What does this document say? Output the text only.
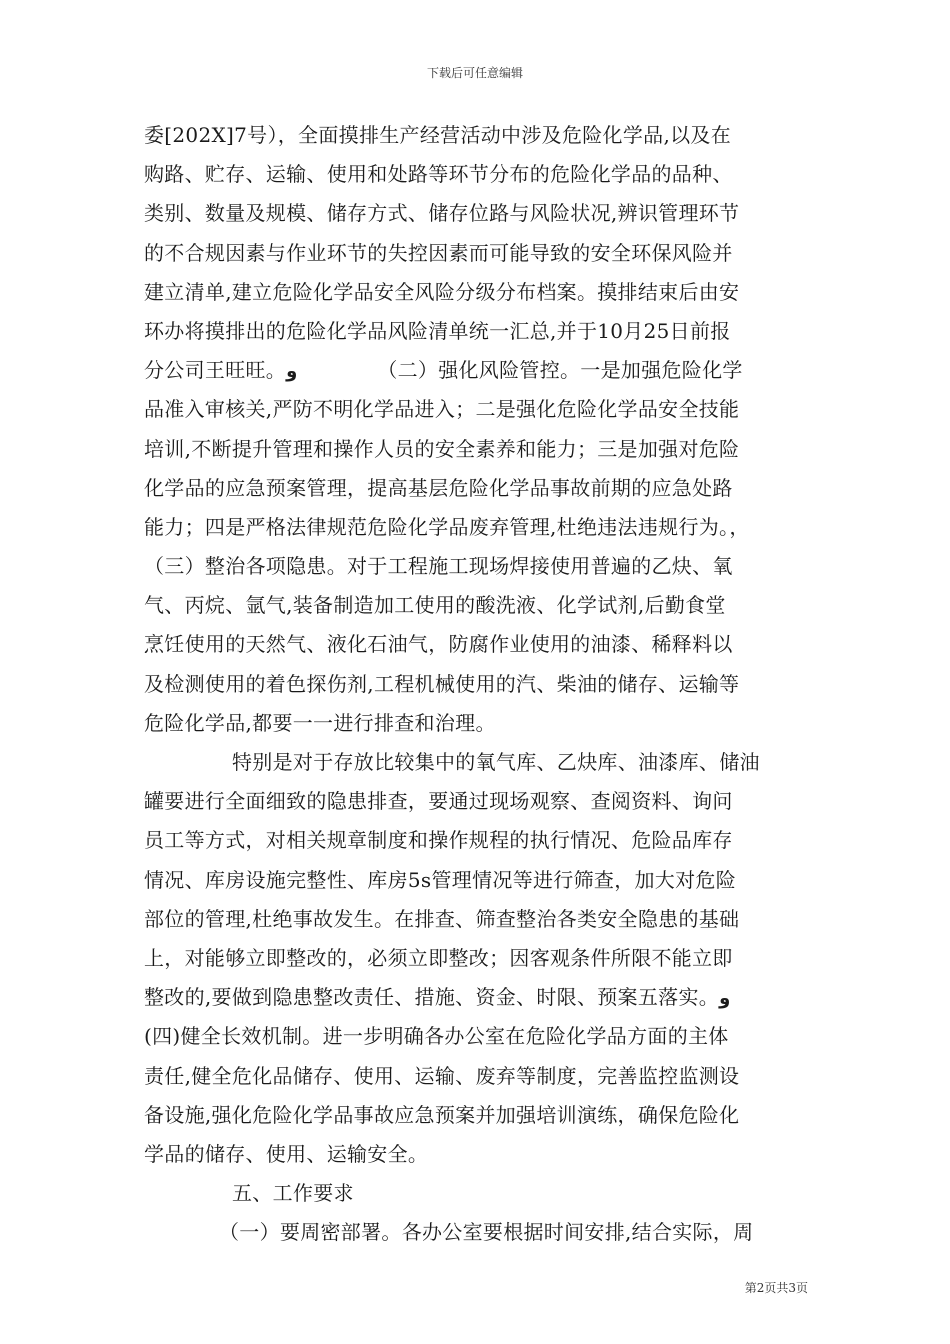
下载后可任意编辑
委[202X]7号），全面摸排生产经营活动中涉及危险化学品,以及在
购路、贮存、运输、使用和处路等环节分布的危险化学品的品种、
类别、数量及规模、储存方式、储存位路与风险状况,辨识管理环节
的不合规因素与作业环节的失控因素而可能导致的安全环保风险并
建立清单,建立危险化学品安全风险分级分布档案。摸排结束后由安
环办将摸排出的危险化学品风险清单统一汇总,并于10月25日前报
分公司王旺旺。و	（二）强化风险管控。一是加强危险化学
品准入审核关,严防不明化学品进入；二是强化危险化学品安全技能
培训,不断提升管理和操作人员的安全素养和能力；三是加强对危险
化学品的应急预案管理，提高基层危险化学品事故前期的应急处路
能力；四是严格法律规范危险化学品废弃管理,杜绝违法违规行为。，
（三）整治各项隐患。对于工程施工现场焊接使用普遍的乙炔、氧
气、丙烷、氩气,装备制造加工使用的酸洗液、化学试剂,后勤食堂
烹饪使用的天然气、液化石油气，防腐作业使用的油漆、稀释料以
及检测使用的着色探伤剂,工程机械使用的汽、柴油的储存、运输等
危险化学品,都要一一进行排查和治理。
特别是对于存放比较集中的氧气库、乙炔库、油漆库、储油
罐要进行全面细致的隐患排查，要通过现场观察、查阅资料、询问
员工等方式，对相关规章制度和操作规程的执行情况、危险品库存
情况、库房设施完整性、库房5s管理情况等进行筛查，加大对危险
部位的管理,杜绝事故发生。在排查、筛查整治各类安全隐患的基础
上，对能够立即整改的，必须立即整改；因客观条件所限不能立即
整改的,要做到隐患整改责任、措施、资金、时限、预案五落实。و
(四)健全长效机制。进一步明确各办公室在危险化学品方面的主体
责任,健全危化品储存、使用、运输、废弃等制度，完善监控监测设
备设施,强化危险化学品事故应急预案并加强培训演练，确保危险化
学品的储存、使用、运输安全。
五、工作要求
（一）要周密部署。各办公室要根据时间安排,结合实际，周
第2页共3页
